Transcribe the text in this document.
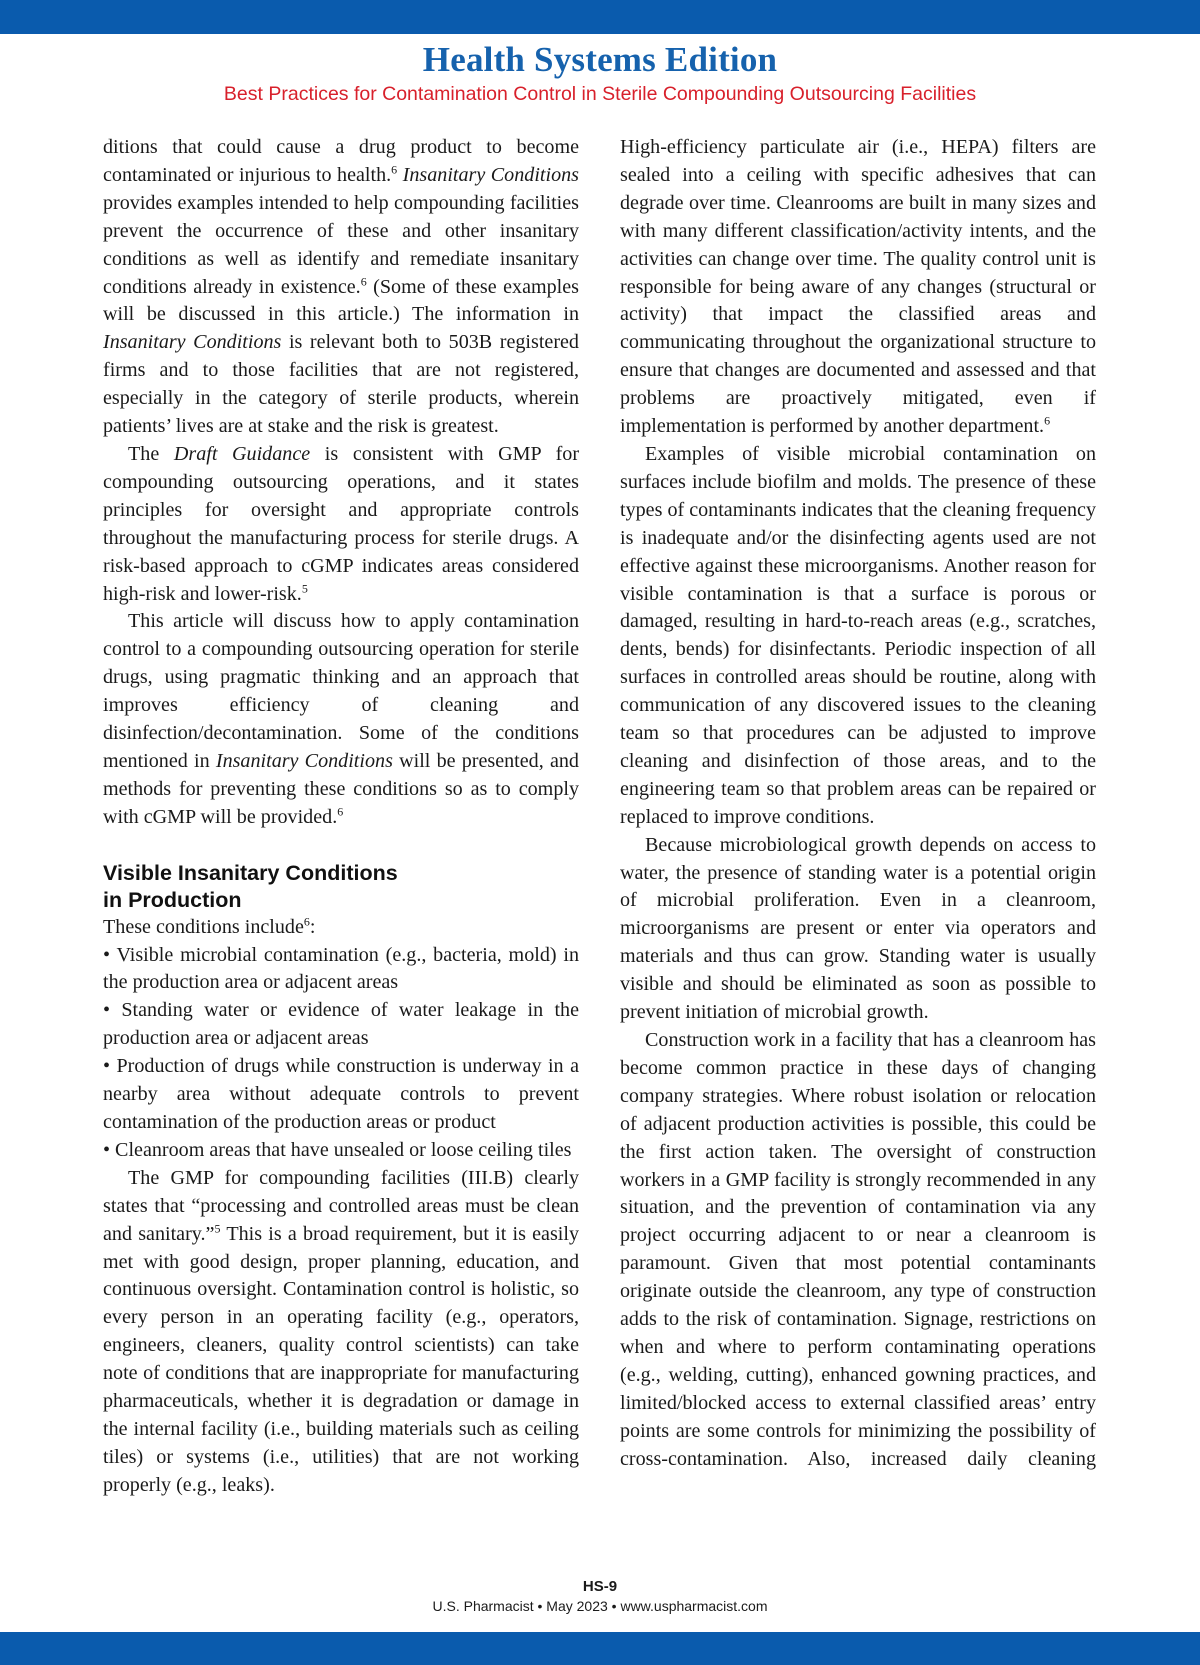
Health Systems Edition
Best Practices for Contamination Control in Sterile Compounding Outsourcing Facilities

ditions that could cause a drug product to become contaminated or injurious to health.$^6$ Insanitary Conditions provides examples intended to help compounding facilities prevent the occurrence of these and other insanitary conditions as well as identify and remediate insanitary conditions already in existence.$^6$ (Some of these examples will be discussed in this article.) The information in Insanitary Conditions is relevant both to 503B registered firms and to those facilities that are not registered, especially in the category of sterile products, wherein patients’ lives are at stake and the risk is greatest.

The Draft Guidance is consistent with GMP for compounding outsourcing operations, and it states principles for oversight and appropriate controls throughout the manufacturing process for sterile drugs. A risk-based approach to cGMP indicates areas considered high-risk and lower-risk.$^5$

This article will discuss how to apply contamination control to a compounding outsourcing operation for sterile drugs, using pragmatic thinking and an approach that improves efficiency of cleaning and disinfection/decontamination. Some of the conditions mentioned in Insanitary Conditions will be presented, and methods for preventing these conditions so as to comply with cGMP will be provided.$^6$

Visible Insanitary Conditions
in Production

These conditions include$^6$:

• Visible microbial contamination (e.g., bacteria, mold) in the production area or adjacent areas

• Standing water or evidence of water leakage in the production area or adjacent areas

• Production of drugs while construction is underway in a nearby area without adequate controls to prevent contamination of the production areas or product

• Cleanroom areas that have unsealed or loose ceiling tiles

The GMP for compounding facilities (III.B) clearly states that “processing and controlled areas must be clean and sanitary.”$^5$ This is a broad requirement, but it is easily met with good design, proper planning, education, and continuous oversight. Contamination control is holistic, so every person in an operating facility (e.g., operators, engineers, cleaners, quality control scientists) can take note of conditions that are inappropriate for manufacturing pharmaceuticals, whether it is degradation or damage in the internal facility (i.e., building materials such as ceiling tiles) or systems (i.e., utilities) that are not working properly (e.g., leaks).

High-efficiency particulate air (i.e., HEPA) filters are sealed into a ceiling with specific adhesives that can degrade over time. Cleanrooms are built in many sizes and with many different classification/activity intents, and the activities can change over time. The quality control unit is responsible for being aware of any changes (structural or activity) that impact the classified areas and communicating throughout the organizational structure to ensure that changes are documented and assessed and that problems are proactively mitigated, even if implementation is performed by another department.$^6$

Examples of visible microbial contamination on surfaces include biofilm and molds. The presence of these types of contaminants indicates that the cleaning frequency is inadequate and/or the disinfecting agents used are not effective against these microorganisms. Another reason for visible contamination is that a surface is porous or damaged, resulting in hard-to-reach areas (e.g., scratches, dents, bends) for disinfectants. Periodic inspection of all surfaces in controlled areas should be routine, along with communication of any discovered issues to the cleaning team so that procedures can be adjusted to improve cleaning and disinfection of those areas, and to the engineering team so that problem areas can be repaired or replaced to improve conditions.

Because microbiological growth depends on access to water, the presence of standing water is a potential origin of microbial proliferation. Even in a cleanroom, microorganisms are present or enter via operators and materials and thus can grow. Standing water is usually visible and should be eliminated as soon as possible to prevent initiation of microbial growth.

Construction work in a facility that has a cleanroom has become common practice in these days of changing company strategies. Where robust isolation or relocation of adjacent production activities is possible, this could be the first action taken. The oversight of construction workers in a GMP facility is strongly recommended in any situation, and the prevention of contamination via any project occurring adjacent to or near a cleanroom is paramount. Given that most potential contaminants originate outside the cleanroom, any type of construction adds to the risk of contamination. Signage, restrictions on when and where to perform contaminating operations (e.g., welding, cutting), enhanced gowning practices, and limited/blocked access to external classified areas’ entry points are some controls for minimizing the possibility of cross-contamination. Also, increased daily cleaning

HS-9
U.S. Pharmacist • May 2023 • www.uspharmacist.com
